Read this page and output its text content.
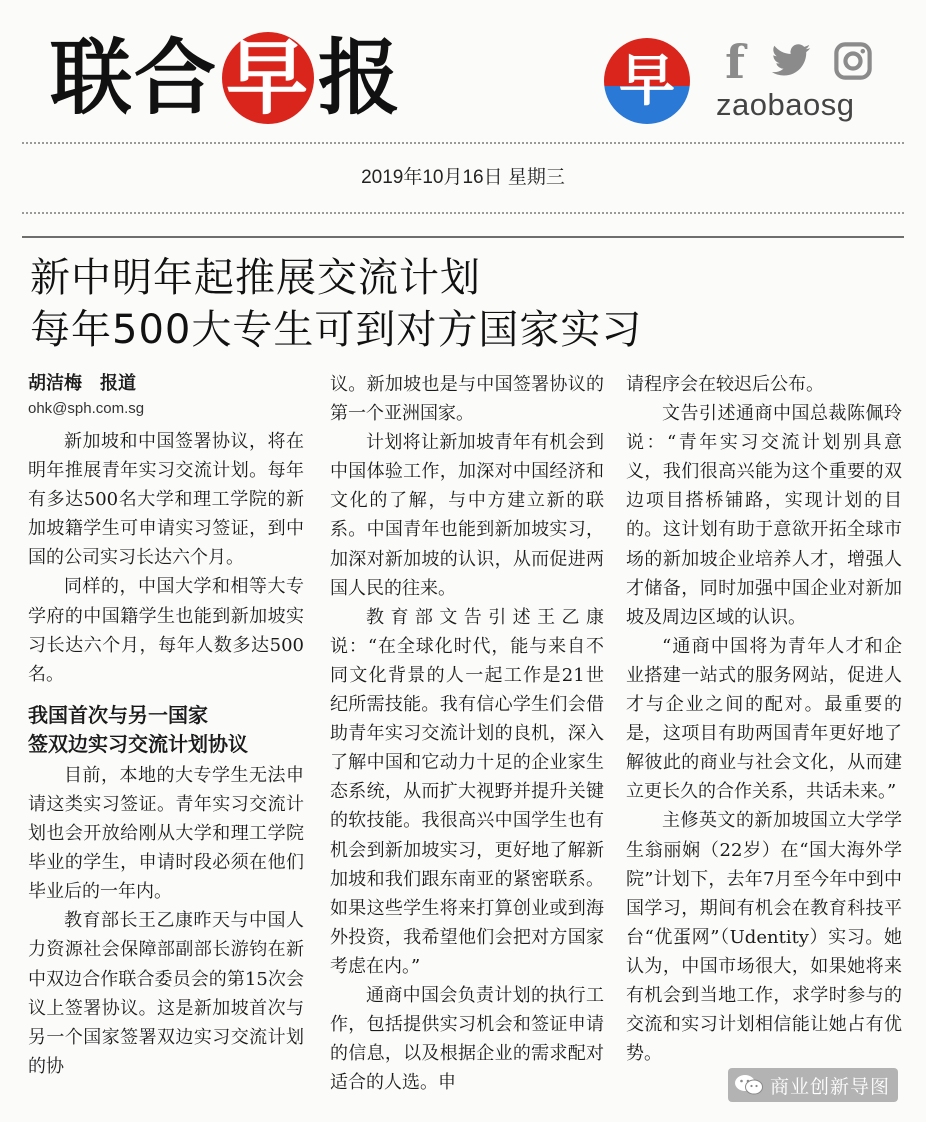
联合 早 报	早	f
zaobaosg
2019年10月16日 星期三
新中明年起推展交流计划
每年500大专生可到对方国家实习
胡洁梅　报道
ohk@sph.com.sg

新加坡和中国签署协议，将在明年推展青年实习交流计划。每年有多达500名大学和理工学院的新加坡籍学生可申请实习签证，到中国的公司实习长达六个月。

同样的，中国大学和相等大专学府的中国籍学生也能到新加坡实习长达六个月，每年人数多达500名。

我国首次与另一国家
签双边实习交流计划协议

目前，本地的大专学生无法申请这类实习签证。青年实习交流计划也会开放给刚从大学和理工学院毕业的学生，申请时段必须在他们毕业后的一年内。

教育部长王乙康昨天与中国人力资源社会保障部副部长游钧在新中双边合作联合委员会的第15次会议上签署协议。这是新加坡首次与另一个国家签署双边实习交流计划的协

议。新加坡也是与中国签署协议的第一个亚洲国家。

计划将让新加坡青年有机会到中国体验工作，加深对中国经济和文化的了解，与中方建立新的联系。中国青年也能到新加坡实习，加深对新加坡的认识，从而促进两国人民的往来。

教育部文告引述王乙康说：“在全球化时代，能与来自不同文化背景的人一起工作是21世纪所需技能。我有信心学生们会借助青年实习交流计划的良机，深入了解中国和它动力十足的企业家生态系统，从而扩大视野并提升关键的软技能。我很高兴中国学生也有机会到新加坡实习，更好地了解新加坡和我们跟东南亚的紧密联系。如果这些学生将来打算创业或到海外投资，我希望他们会把对方国家考虑在内。”

通商中国会负责计划的执行工作，包括提供实习机会和签证申请的信息，以及根据企业的需求配对适合的人选。申

请程序会在较迟后公布。

文告引述通商中国总裁陈佩玲说：“青年实习交流计划别具意义，我们很高兴能为这个重要的双边项目搭桥铺路，实现计划的目的。这计划有助于意欲开拓全球市场的新加坡企业培养人才，增强人才储备，同时加强中国企业对新加坡及周边区域的认识。

“通商中国将为青年人才和企业搭建一站式的服务网站，促进人才与企业之间的配对。最重要的是，这项目有助两国青年更好地了解彼此的商业与社会文化，从而建立更长久的合作关系，共话未来。”

主修英文的新加坡国立大学学生翁丽娴（22岁）在“国大海外学院”计划下，去年7月至今年中到中国学习，期间有机会在教育科技平台“优蛋网”（Udentity）实习。她认为，中国市场很大，如果她将来有机会到当地工作，求学时参与的交流和实习计划相信能让她占有优势。

商业创新导图
